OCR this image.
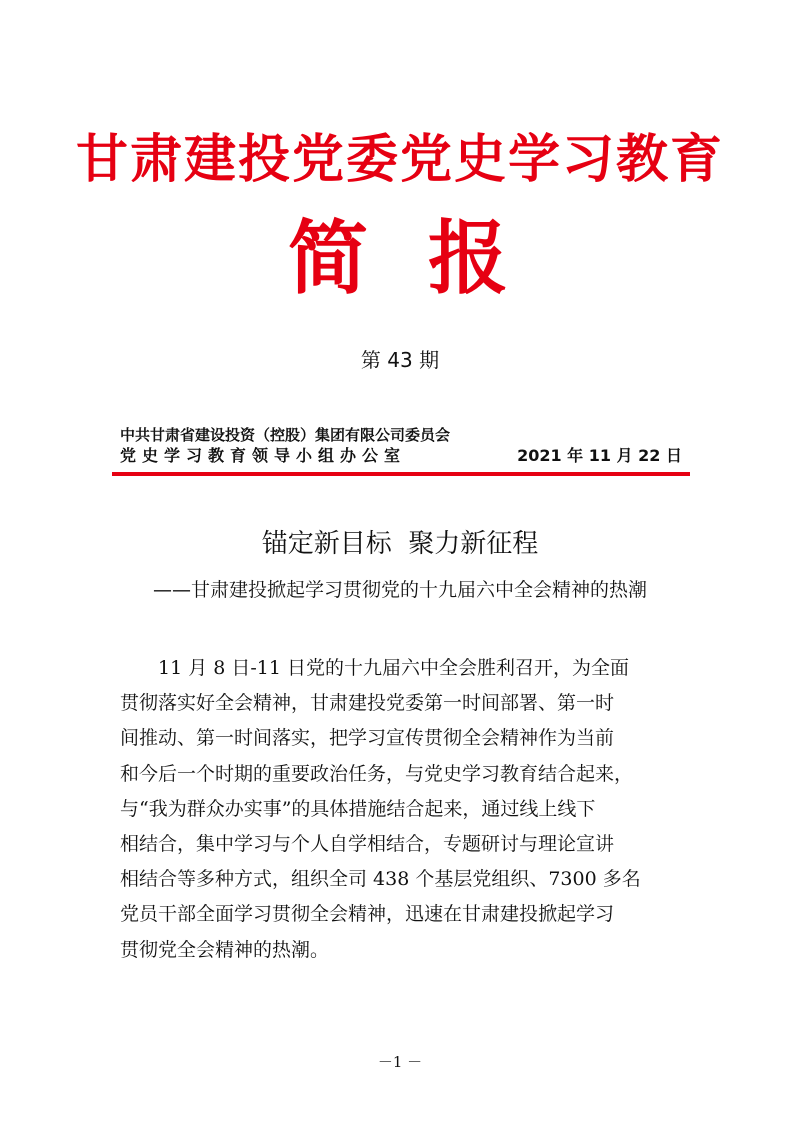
甘肃建投党委党史学习教育
简 报
第 43 期
中共甘肃省建设投资（控股）集团有限公司委员会
党史学习教育领导小组办公室	2021 年 11 月 22 日
锚定新目标  聚力新征程
——甘肃建投掀起学习贯彻党的十九届六中全会精神的热潮
　　11 月 8 日-11 日党的十九届六中全会胜利召开，为全面
贯彻落实好全会精神，甘肃建投党委第一时间部署、第一时
间推动、第一时间落实，把学习宣传贯彻全会精神作为当前
和今后一个时期的重要政治任务，与党史学习教育结合起来，
与“我为群众办实事”的具体措施结合起来，通过线上线下
相结合，集中学习与个人自学相结合，专题研讨与理论宣讲
相结合等多种方式，组织全司 438 个基层党组织、7300 多名
党员干部全面学习贯彻全会精神，迅速在甘肃建投掀起学习
贯彻党全会精神的热潮。
－1 －
